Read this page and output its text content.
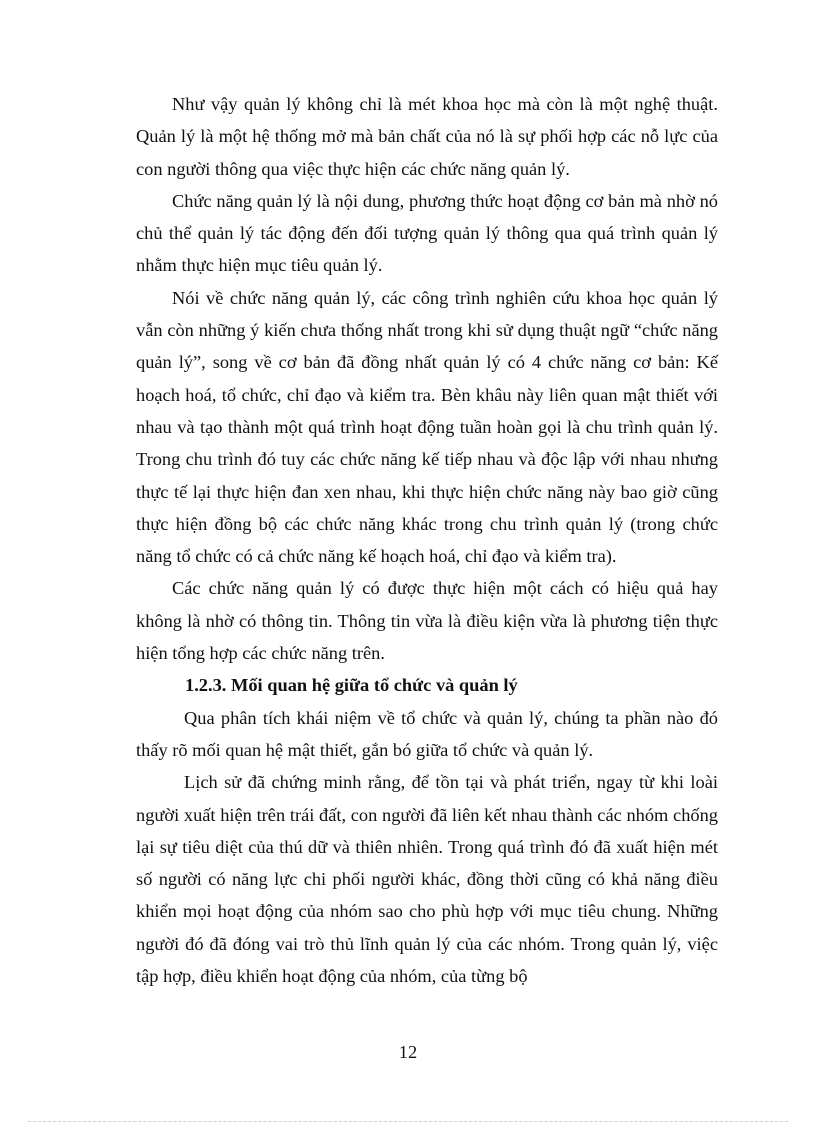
Như vậy quản lý không chỉ là mét khoa học mà còn là một nghệ thuật. Quản lý là một hệ thống mở mà bản chất của nó là sự phối hợp các nỗ lực của con người thông qua việc thực hiện các chức năng quản lý.

Chức năng quản lý là nội dung, phương thức hoạt động cơ bản mà nhờ nó chủ thể quản lý tác động đến đối tượng quản lý thông qua quá trình quản lý nhằm thực hiện mục tiêu quản lý.

Nói về chức năng quản lý, các công trình nghiên cứu khoa học quản lý vẫn còn những ý kiến chưa thống nhất trong khi sử dụng thuật ngữ “chức năng quản lý”, song về cơ bản đã đồng nhất quản lý có 4 chức năng cơ bản: Kế hoạch hoá, tổ chức, chỉ đạo và kiểm tra. Bèn khâu này liên quan mật thiết với nhau và tạo thành một quá trình hoạt động tuần hoàn gọi là chu trình quản lý. Trong chu trình đó tuy các chức năng kế tiếp nhau và độc lập với nhau nhưng thực tế lại thực hiện đan xen nhau, khi thực hiện chức năng này bao giờ cũng thực hiện đồng bộ các chức năng khác trong chu trình quản lý (trong chức năng tổ chức có cả chức năng kế hoạch hoá, chỉ đạo và kiểm tra).

Các chức năng quản lý có được thực hiện một cách có hiệu quả hay không là nhờ có thông tin. Thông tin vừa là điều kiện vừa là phương tiện thực hiện tổng hợp các chức năng trên.

1.2.3. Mối quan hệ giữa tổ chức và quản lý

Qua phân tích khái niệm về tổ chức và quản lý, chúng ta phần nào đó thấy rõ mối quan hệ mật thiết, gắn bó giữa tổ chức và quản lý.

Lịch sử đã chứng minh rằng, để tồn tại và phát triển, ngay từ khi loài người xuất hiện trên trái đất, con người đã liên kết nhau thành các nhóm chống lại sự tiêu diệt của thú dữ và thiên nhiên. Trong quá trình đó đã xuất hiện mét số người có năng lực chi phối người khác, đồng thời cũng có khả năng điều khiển mọi hoạt động của nhóm sao cho phù hợp với mục tiêu chung. Những người đó đã đóng vai trò thủ lĩnh quản lý của các nhóm. Trong quản lý, việc tập hợp, điều khiển hoạt động của nhóm, của từng bộ

12
